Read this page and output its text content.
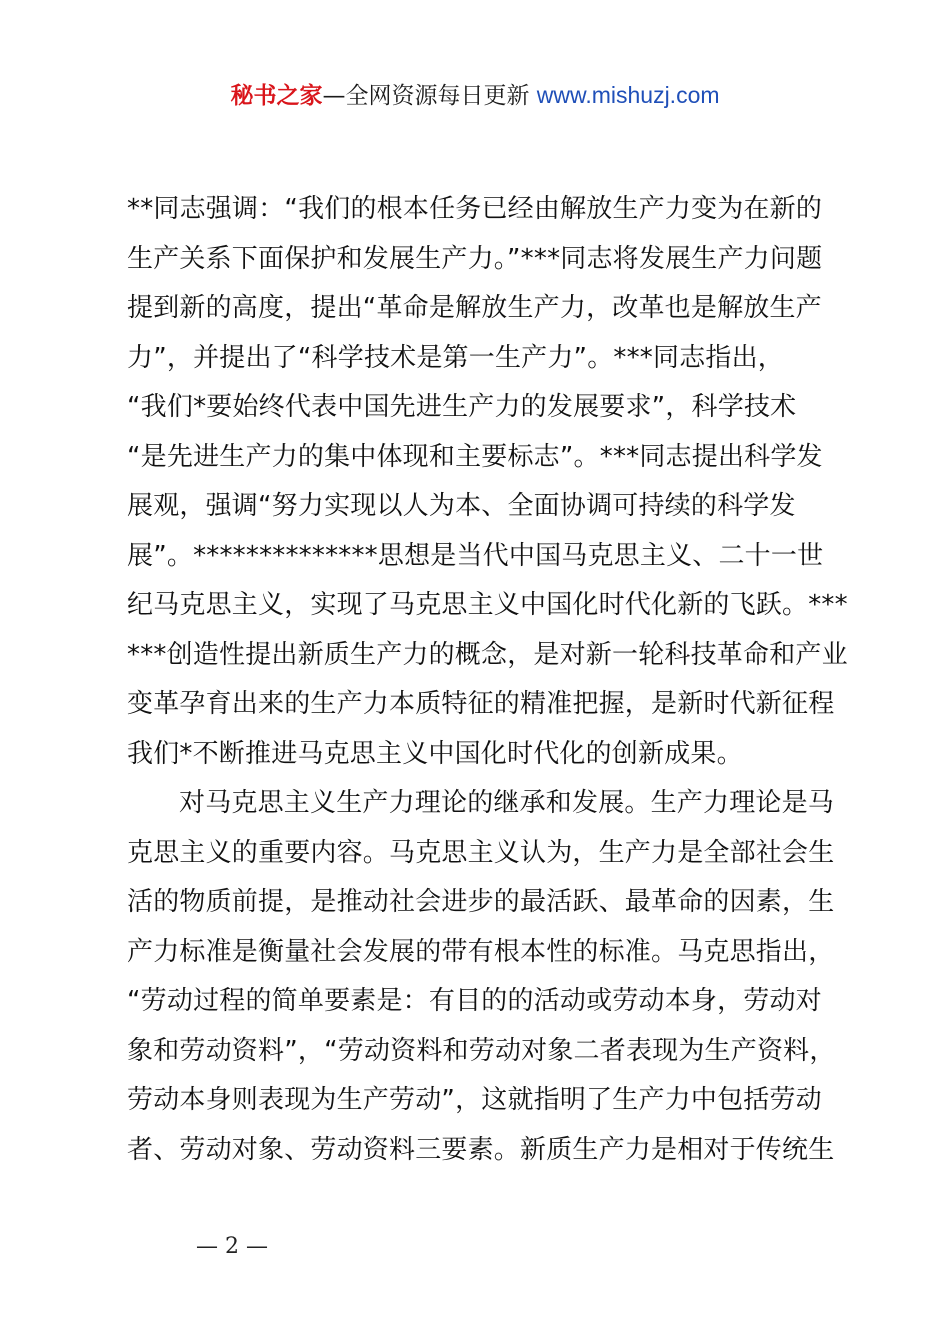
秘书之家—全网资源每日更新 www.mishuzj.com
**同志强调：“我们的根本任务已经由解放生产力变为在新的
生产关系下面保护和发展生产力。”***同志将发展生产力问题
提到新的高度，提出“革命是解放生产力，改革也是解放生产
力”，并提出了“科学技术是第一生产力”。***同志指出，
“我们*要始终代表中国先进生产力的发展要求”，科学技术
“是先进生产力的集中体现和主要标志”。***同志提出科学发
展观，强调“努力实现以人为本、全面协调可持续的科学发
展”。**************思想是当代中国马克思主义、二十一世
纪马克思主义，实现了马克思主义中国化时代化新的飞跃。***
***创造性提出新质生产力的概念，是对新一轮科技革命和产业
变革孕育出来的生产力本质特征的精准把握，是新时代新征程
我们*不断推进马克思主义中国化时代化的创新成果。
对马克思主义生产力理论的继承和发展。生产力理论是马
克思主义的重要内容。马克思主义认为，生产力是全部社会生
活的物质前提，是推动社会进步的最活跃、最革命的因素，生
产力标准是衡量社会发展的带有根本性的标准。马克思指出，
“劳动过程的简单要素是：有目的的活动或劳动本身，劳动对
象和劳动资料”，“劳动资料和劳动对象二者表现为生产资料，
劳动本身则表现为生产劳动”，这就指明了生产力中包括劳动
者、劳动对象、劳动资料三要素。新质生产力是相对于传统生
— 2 —
